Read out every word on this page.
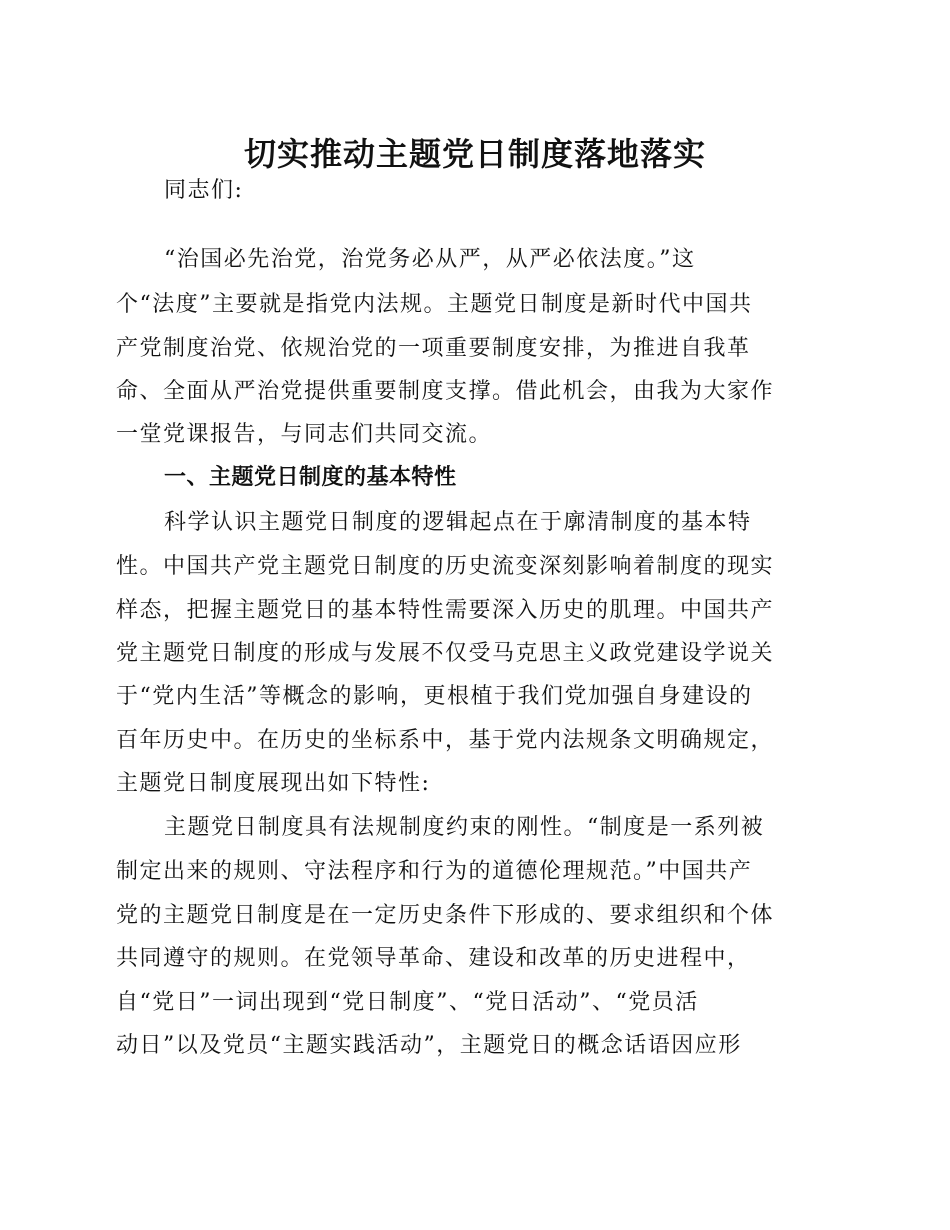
切实推动主题党日制度落地落实
同志们:
“治国必先治党，治党务必从严，从严必依法度。”这
个“法度”主要就是指党内法规。主题党日制度是新时代中国共
产党制度治党、依规治党的一项重要制度安排，为推进自我革
命、全面从严治党提供重要制度支撑。借此机会，由我为大家作
一堂党课报告，与同志们共同交流。
一、主题党日制度的基本特性
科学认识主题党日制度的逻辑起点在于廓清制度的基本特
性。中国共产党主题党日制度的历史流变深刻影响着制度的现实
样态，把握主题党日的基本特性需要深入历史的肌理。中国共产
党主题党日制度的形成与发展不仅受马克思主义政党建设学说关
于“党内生活”等概念的影响，更根植于我们党加强自身建设的
百年历史中。在历史的坐标系中，基于党内法规条文明确规定，
主题党日制度展现出如下特性:
主题党日制度具有法规制度约束的刚性。“制度是一系列被
制定出来的规则、守法程序和行为的道德伦理规范。”中国共产
党的主题党日制度是在一定历史条件下形成的、要求组织和个体
共同遵守的规则。在党领导革命、建设和改革的历史进程中，
自“党日”一词出现到“党日制度”、“党日活动”、“党员活
动日”以及党员“主题实践活动”，主题党日的概念话语因应形
